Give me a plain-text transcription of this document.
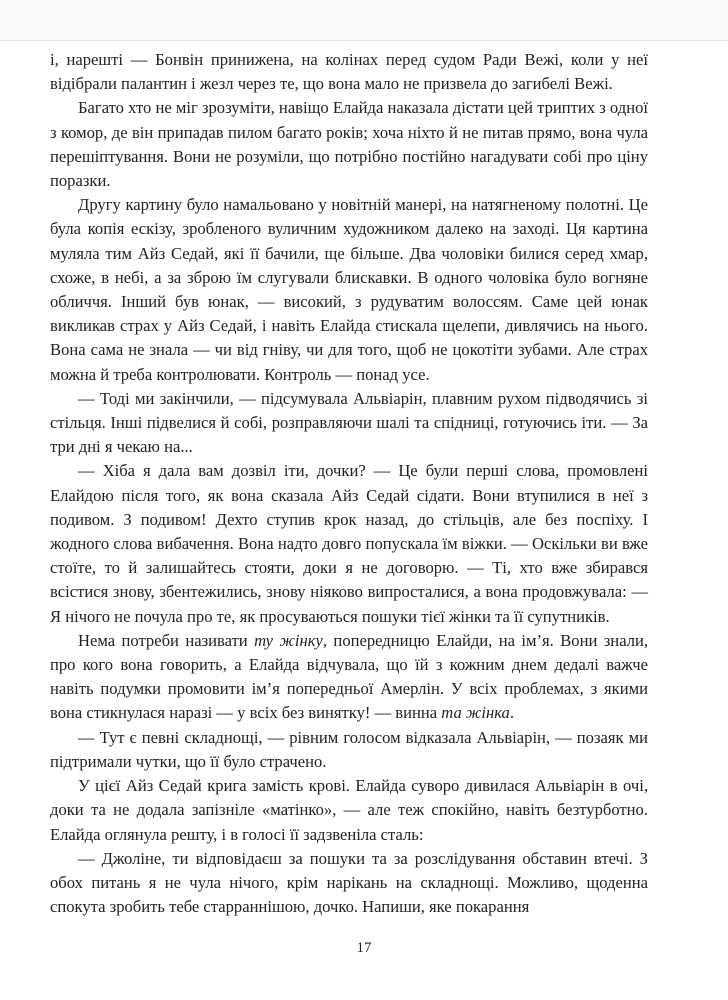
і, нарешті — Бонвін принижена, на колінах перед судом Ради Вежі, коли у неї відібрали палантин і жезл через те, що вона мало не призвела до загибелі Вежі.

Багато хто не міг зрозуміти, навіщо Елайда наказала дістати цей триптих з одної з комор, де він припадав пилом багато років; хоча ніхто й не питав прямо, вона чула перешіптування. Вони не розуміли, що потрібно постійно нагадувати собі про ціну поразки.

Другу картину було намальовано у новітній манері, на натягненому полотні. Це була копія ескізу, зробленого вуличним художником далеко на заході. Ця картина муляла тим Айз Седай, які її бачили, ще більше. Два чоловіки билися серед хмар, схоже, в небі, а за зброю їм слугували блискавки. В одного чоловіка було вогняне обличчя. Інший був юнак, — високий, з рудуватим волоссям. Саме цей юнак викликав страх у Айз Седай, і навіть Елайда стискала щелепи, дивлячись на нього. Вона сама не знала — чи від гніву, чи для того, щоб не цокотіти зубами. Але страх можна й треба контролювати. Контроль — понад усе.

— Тоді ми закінчили, — підсумувала Альвіарін, плавним рухом підводячись зі стільця. Інші підвелися й собі, розправляючи шалі та спідниці, готуючись іти. — За три дні я чекаю на...

— Хіба я дала вам дозвіл іти, дочки? — Це були перші слова, промовлені Елайдою після того, як вона сказала Айз Седай сідати. Вони втупилися в неї з подивом. З подивом! Дехто ступив крок назад, до стільців, але без поспіху. І жодного слова вибачення. Вона надто довго попускала їм віжки. — Оскільки ви вже стоїте, то й залишайтесь стояти, доки я не договорю. — Ті, хто вже збирався всістися знову, збентежились, знову ніяково випросталися, а вона продовжувала: — Я нічого не почула про те, як просуваються пошуки тієї жінки та її супутників.

Нема потреби називати ту жінку, попередницю Елайди, на ім’я. Вони знали, про кого вона говорить, а Елайда відчувала, що їй з кожним днем дедалі важче навіть подумки промовити ім’я попередньої Амерлін. У всіх проблемах, з якими вона стикнулася наразі — у всіх без винятку! — винна та жінка.

— Тут є певні складнощі, — рівним голосом відказала Альвіарін, — позаяк ми підтримали чутки, що її було страчено.

У цієї Айз Седай крига замість крові. Елайда суворо дивилася Альвіарін в очі, доки та не додала запізніле «матінко», — але теж спокійно, навіть безтурботно. Елайда оглянула решту, і в голосі її задзвеніла сталь:

— Джоліне, ти відповідаєш за пошуки та за розслідування обставин втечі. З обох питань я не чула нічого, крім нарікань на складнощі. Можливо, щоденна спокута зробить тебе старраннішою, дочко. Напиши, яке покарання

17
